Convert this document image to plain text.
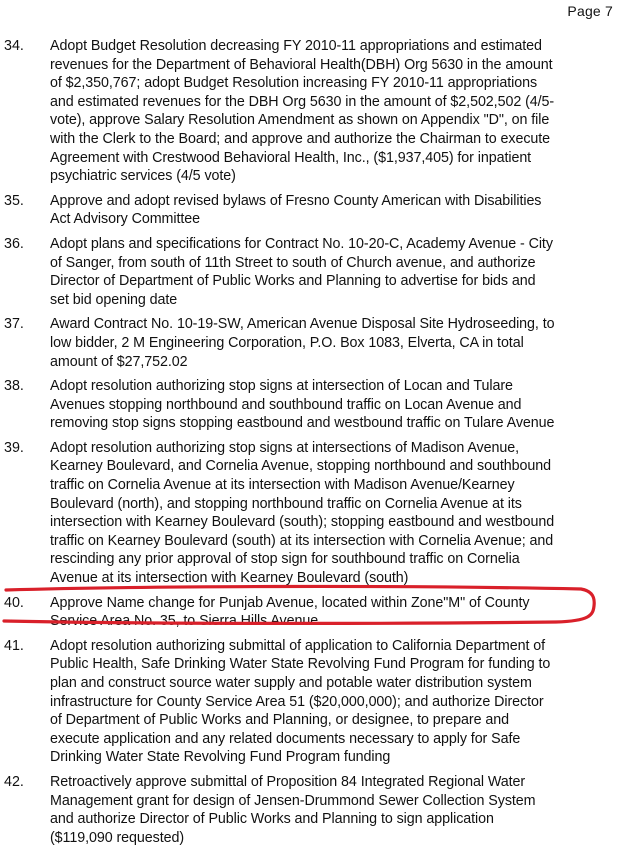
Page 7
34. Adopt Budget Resolution decreasing FY 2010-11 appropriations and estimated
revenues for the Department of Behavioral Health(DBH) Org 5630 in the amount
of $2,350,767; adopt Budget Resolution increasing FY 2010-11 appropriations
and estimated revenues for the DBH Org 5630 in the amount of $2,502,502 (4/5-
vote), approve Salary Resolution Amendment as shown on Appendix "D", on file
with the Clerk to the Board; and approve and authorize the Chairman to execute
Agreement with Crestwood Behavioral Health, Inc., ($1,937,405) for inpatient
psychiatric services (4/5 vote)
35. Approve and adopt revised bylaws of Fresno County American with Disabilities
Act Advisory Committee
36. Adopt plans and specifications for Contract No. 10-20-C, Academy Avenue - City
of Sanger, from south of 11th Street to south of Church avenue, and authorize
Director of Department of Public Works and Planning to advertise for bids and
set bid opening date
37. Award Contract No. 10-19-SW, American Avenue Disposal Site Hydroseeding, to
low bidder, 2 M Engineering Corporation, P.O. Box 1083, Elverta, CA in total
amount of $27,752.02
38. Adopt resolution authorizing stop signs at intersection of Locan and Tulare
Avenues stopping northbound and southbound traffic on Locan Avenue and
removing stop signs stopping eastbound and westbound traffic on Tulare Avenue
39. Adopt resolution authorizing stop signs at intersections of Madison Avenue,
Kearney Boulevard, and Cornelia Avenue, stopping northbound and southbound
traffic on Cornelia Avenue at its intersection with Madison Avenue/Kearney
Boulevard (north), and stopping northbound traffic on Cornelia Avenue at its
intersection with Kearney Boulevard (south); stopping eastbound and westbound
traffic on Kearney Boulevard (south) at its intersection with Cornelia Avenue; and
rescinding any prior approval of stop sign for southbound traffic on Cornelia
Avenue at its intersection with Kearney Boulevard (south)
40. Approve Name change for Punjab Avenue, located within Zone"M" of County
Service Area No. 35, to Sierra Hills Avenue
41. Adopt resolution authorizing submittal of application to California Department of
Public Health, Safe Drinking Water State Revolving Fund Program for funding to
plan and construct source water supply and potable water distribution system
infrastructure for County Service Area 51 ($20,000,000); and authorize Director
of Department of Public Works and Planning, or designee, to prepare and
execute application and any related documents necessary to apply for Safe
Drinking Water State Revolving Fund Program funding
42. Retroactively approve submittal of Proposition 84 Integrated Regional Water
Management grant for design of Jensen-Drummond Sewer Collection System
and authorize Director of Public Works and Planning to sign application
($119,090 requested)
